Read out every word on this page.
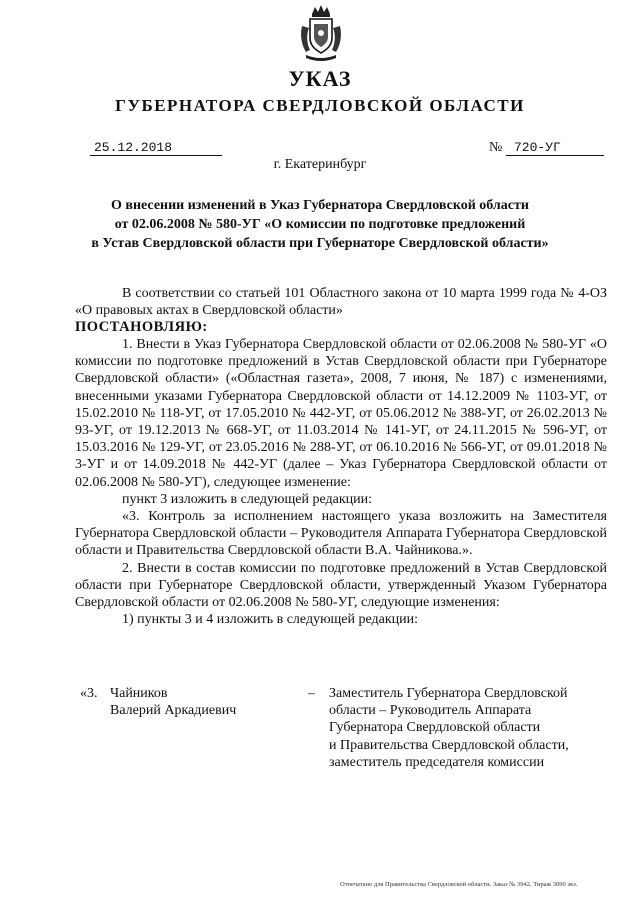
УКАЗ
ГУБЕРНАТОРА СВЕРДЛОВСКОЙ ОБЛАСТИ
25.12.2018	№ 720-УГ
г. Екатеринбург
О внесении изменений в Указ Губернатора Свердловской области
от 02.06.2008 № 580-УГ «О комиссии по подготовке предложений
в Устав Свердловской области при Губернаторе Свердловской области»
В соответствии со статьей 101 Областного закона от 10 марта 1999 года № 4-ОЗ «О правовых актах в Свердловской области»
ПОСТАНОВЛЯЮ:

1. Внести в Указ Губернатора Свердловской области от 02.06.2008 № 580-УГ «О комиссии по подготовке предложений в Устав Свердловской области при Губернаторе Свердловской области» («Областная газета», 2008, 7 июня, № 187) с изменениями, внесенными указами Губернатора Свердловской области от 14.12.2009 № 1103-УГ, от 15.02.2010 № 118-УГ, от 17.05.2010 № 442-УГ, от 05.06.2012 № 388-УГ, от 26.02.2013 № 93-УГ, от 19.12.2013 № 668-УГ, от 11.03.2014 № 141-УГ, от 24.11.2015 № 596-УГ, от 15.03.2016 № 129-УГ, от 23.05.2016 № 288-УГ, от 06.10.2016 № 566-УГ, от 09.01.2018 № 3-УГ и от 14.09.2018 № 442-УГ (далее – Указ Губернатора Свердловской области от 02.06.2008 № 580-УГ), следующее изменение:

пункт 3 изложить в следующей редакции:

«3. Контроль за исполнением настоящего указа возложить на Заместителя Губернатора Свердловской области – Руководителя Аппарата Губернатора Свердловской области и Правительства Свердловской области В.А. Чайникова.».

2. Внести в состав комиссии по подготовке предложений в Устав Свердловской области при Губернаторе Свердловской области, утвержденный Указом Губернатора Свердловской области от 02.06.2008 № 580-УГ, следующие изменения:

1) пункты 3 и 4 изложить в следующей редакции:

«3. Чайников
Валерий Аркадиевич
– Заместитель Губернатора Свердловской
области – Руководитель Аппарата
Губернатора Свердловской области
и Правительства Свердловской области,
заместитель председателя комиссии
Отпечатано для Правительства Свердловской области. Заказ № 3942. Тираж 3090 экз.
